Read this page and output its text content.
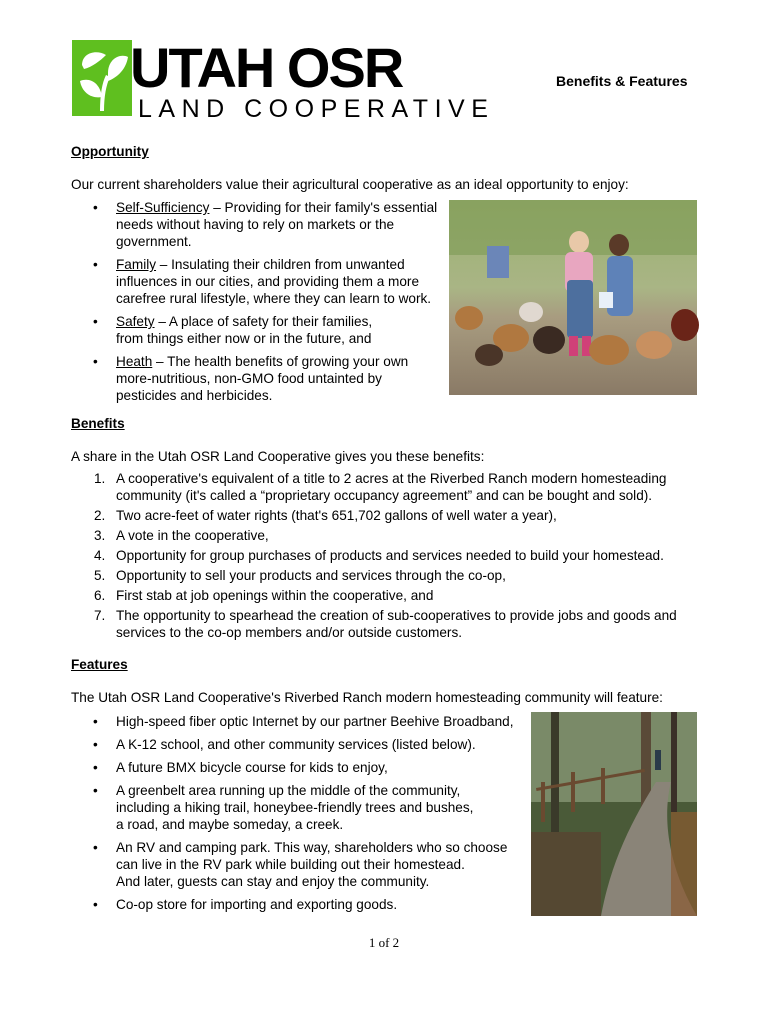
UTAH OSR
LAND COOPERATIVE
Benefits & Features
Opportunity
Our current shareholders value their agricultural cooperative as an ideal opportunity to enjoy:
• Self-Sufficiency – Providing for their family's essential
needs without having to rely on markets or the
government.
• Family – Insulating their children from unwanted
influences in our cities, and providing them a more
carefree rural lifestyle, where they can learn to work.
• Safety – A place of safety for their families,
from things either now or in the future, and
• Heath – The health benefits of growing your own
more-nutritious, non-GMO food untainted by
pesticides and herbicides.
Benefits
A share in the Utah OSR Land Cooperative gives you these benefits:
1. A cooperative's equivalent of a title to 2 acres at the Riverbed Ranch modern homesteading
community (it's called a “proprietary occupancy agreement” and can be bought and sold).
2. Two acre-feet of water rights (that's 651,702 gallons of well water a year),
3. A vote in the cooperative,
4. Opportunity for group purchases of products and services needed to build your homestead.
5. Opportunity to sell your products and services through the co-op,
6. First stab at job openings within the cooperative, and
7. The opportunity to spearhead the creation of sub-cooperatives to provide jobs and goods and
services to the co-op members and/or outside customers.
Features
The Utah OSR Land Cooperative's Riverbed Ranch modern homesteading community will feature:
• High-speed fiber optic Internet by our partner Beehive Broadband,
• A K-12 school, and other community services (listed below).
• A future BMX bicycle course for kids to enjoy,
• A greenbelt area running up the middle of the community,
including a hiking trail, honeybee-friendly trees and bushes,
a road, and maybe someday, a creek.
• An RV and camping park. This way, shareholders who so choose
can live in the RV park while building out their homestead.
And later, guests can stay and enjoy the community.
• Co-op store for importing and exporting goods.
1 of 2
